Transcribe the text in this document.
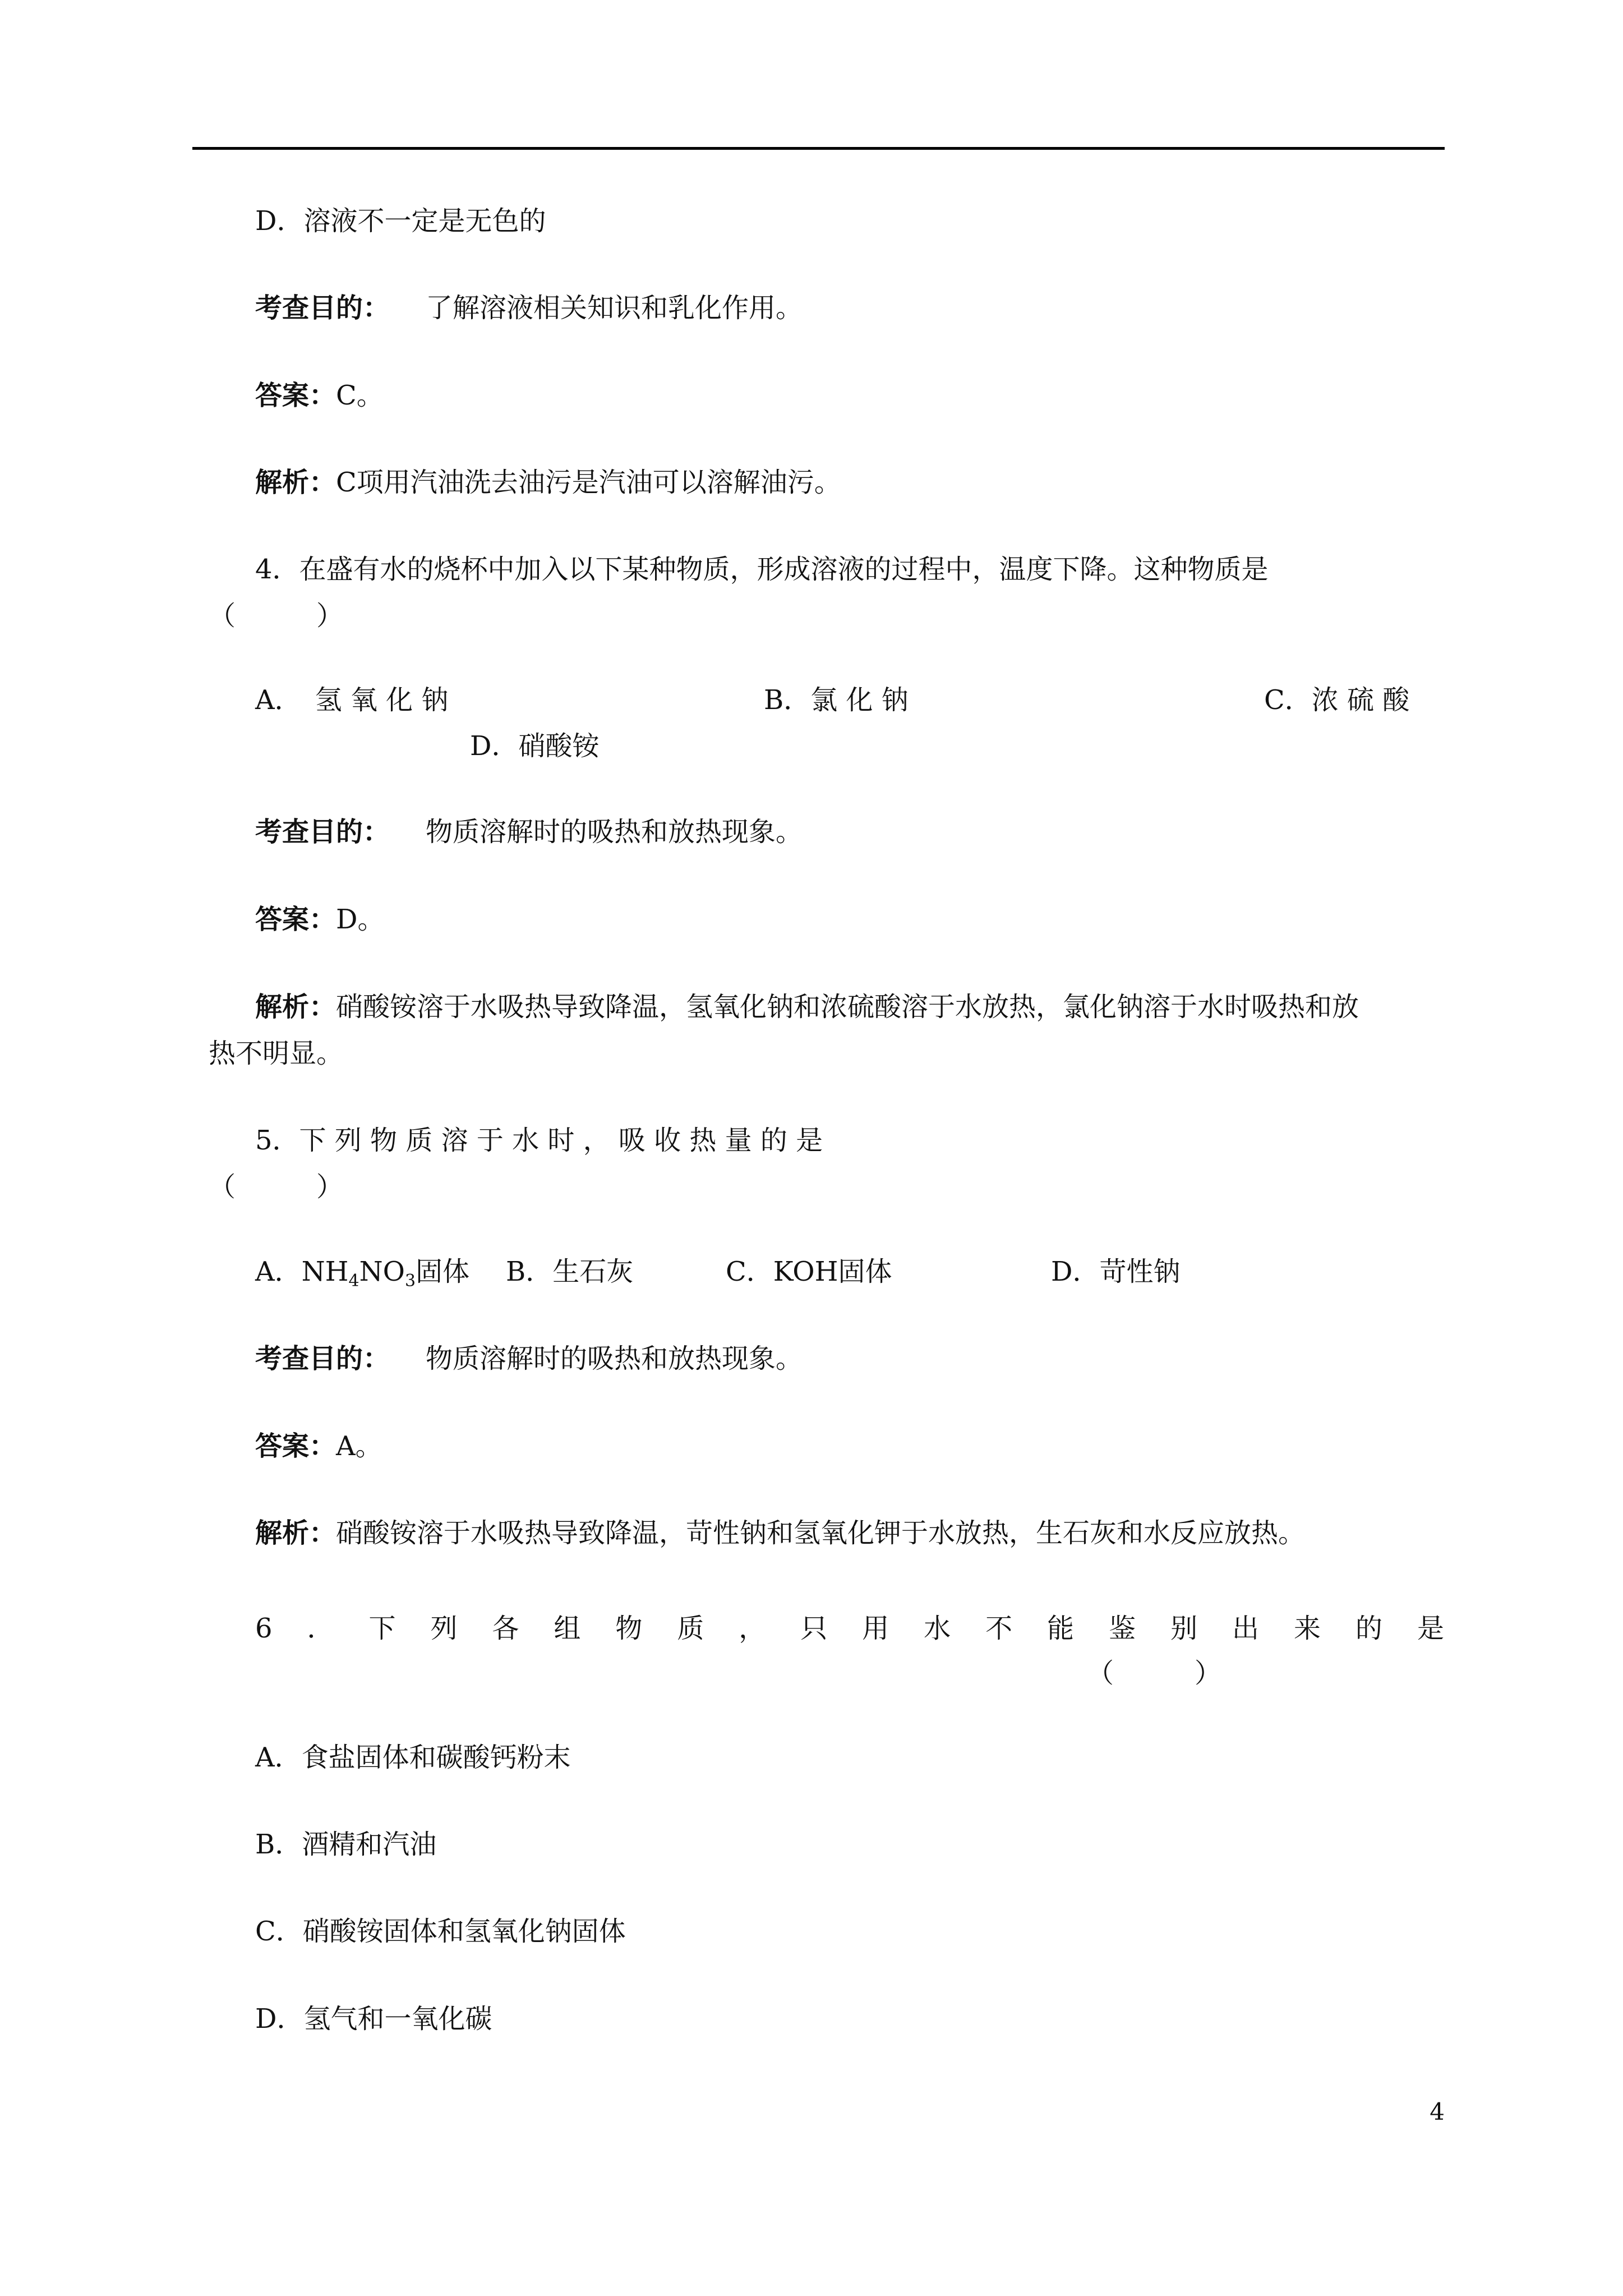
D．溶液不一定是无色的
考查目的： 了解溶液相关知识和乳化作用。
答案：C。
解析：C项用汽油洗去油污是汽油可以溶解油污。
4．在盛有水的烧杯中加入以下某种物质，形成溶液的过程中，温度下降。这种物质是
（　　　）
A．　氢 氧 化 钠	B．氯 化 钠	C．浓 硫 酸
D．硝酸铵
考查目的： 物质溶解时的吸热和放热现象。
答案：D。
解析：硝酸铵溶于水吸热导致降温，氢氧化钠和浓硫酸溶于水放热，氯化钠溶于水时吸热和放
热不明显。
5．下 列 物 质 溶 于 水 时 ， 吸 收 热 量 的 是
（　　　）
A．$NH_4NO_3$固体 B．生石灰	C．KOH固体	D．苛性钠
考查目的： 物质溶解时的吸热和放热现象。
答案：A。
解析：硝酸铵溶于水吸热导致降温，苛性钠和氢氧化钾于水放热，生石灰和水反应放热。
6 ． 下 列 各 组 物 质 ， 只 用 水 不 能 鉴 别 出 来 的 是
（　　　）
A．食盐固体和碳酸钙粉末
B．酒精和汽油
C．硝酸铵固体和氢氧化钠固体
D．氢气和一氧化碳
4
